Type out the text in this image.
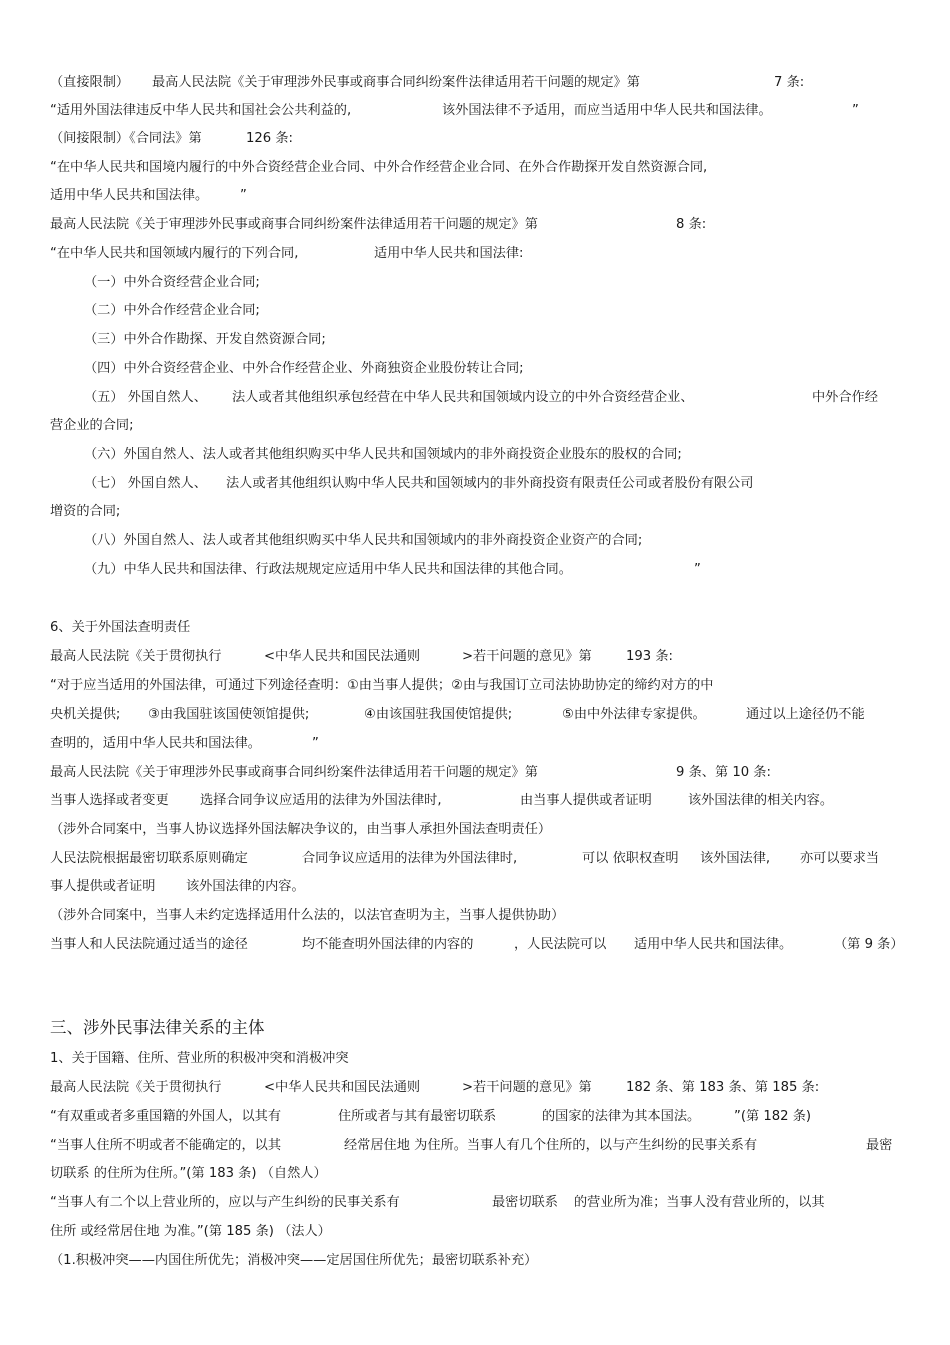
（直接限制） 最高人民法院《关于审理涉外民事或商事合同纠纷案件法律适用若干问题的规定》第	7 条:
“适用外国法律违反中华人民共和国社会公共利益的,	该外国法律不予适用，而应当适用中华人民共和国法律。	”
（间接限制）《合同法》第	126 条:
“在中华人民共和国境内履行的中外合资经营企业合同、中外合作经营企业合同、在外合作勘探开发自然资源合同,
适用中华人民共和国法律。 ”
最高人民法院《关于审理涉外民事或商事合同纠纷案件法律适用若干问题的规定》第	8 条:
“在中华人民共和国领域内履行的下列合同,	适用中华人民共和国法律:
（一）中外合资经营企业合同;
（二）中外合作经营企业合同;
（三）中外合作勘探、开发自然资源合同;
（四）中外合资经营企业、中外合作经营企业、外商独资企业股份转让合同;
（五） 外国自然人、 法人或者其他组织承包经营在中华人民共和国领域内设立的中外合资经营企业、	中外合作经
营企业的合同;
（六）外国自然人、法人或者其他组织购买中华人民共和国领域内的非外商投资企业股东的股权的合同;
（七） 外国自然人、 法人或者其他组织认购中华人民共和国领域内的非外商投资有限责任公司或者股份有限公司
增资的合同;
（八）外国自然人、法人或者其他组织购买中华人民共和国领域内的非外商投资企业资产的合同;
（九）中华人民共和国法律、行政法规规定应适用中华人民共和国法律的其他合同。	”
6、关于外国法查明责任
最高人民法院《关于贯彻执行	<中华人民共和国民法通则	>若干问题的意见》第	193 条:
“对于应当适用的外国法律，可通过下列途径查明：①由当事人提供；②由与我国订立司法协助协定的缔约对方的中
央机关提供; ③由我国驻该国使领馆提供;	④由该国驻我国使馆提供;	⑤由中外法律专家提供。	通过以上途径仍不能
查明的，适用中华人民共和国法律。	”
最高人民法院《关于审理涉外民事或商事合同纠纷案件法律适用若干问题的规定》第	9 条、第 10 条:
当事人选择或者变更 选择合同争议应适用的法律为外国法律时,	由当事人提供或者证明	该外国法律的相关内容。
（涉外合同案中，当事人协议选择外国法解决争议的，由当事人承担外国法查明责任）
人民法院根据最密切联系原则确定	合同争议应适用的法律为外国法律时,	可以 依职权查明 该外国法律, 亦可以要求当
事人提供或者证明 该外国法律的内容。
（涉外合同案中，当事人未约定选择适用什么法的，以法官查明为主，当事人提供协助）
当事人和人民法院通过适当的途径	均不能查明外国法律的内容的	，人民法院可以 适用中华人民共和国法律。	（第 9 条）
三、涉外民事法律关系的主体
1、关于国籍、住所、营业所的积极冲突和消极冲突
最高人民法院《关于贯彻执行	<中华人民共和国民法通则	>若干问题的意见》第	182 条、第 183 条、第 185 条:
“有双重或者多重国籍的外国人，以其有	住所或者与其有最密切联系	的国家的法律为其本国法。	”(第 182 条)
“当事人住所不明或者不能确定的，以其	经常居住地 为住所。当事人有几个住所的，以与产生纠纷的民事关系有	最密
切联系 的住所为住所。”(第 183 条) （自然人）
“当事人有二个以上营业所的，应以与产生纠纷的民事关系有	最密切联系 的营业所为准；当事人没有营业所的，以其
住所 或经常居住地 为准。”(第 185 条) （法人）
（1.积极冲突——内国住所优先；消极冲突——定居国住所优先；最密切联系补充）
